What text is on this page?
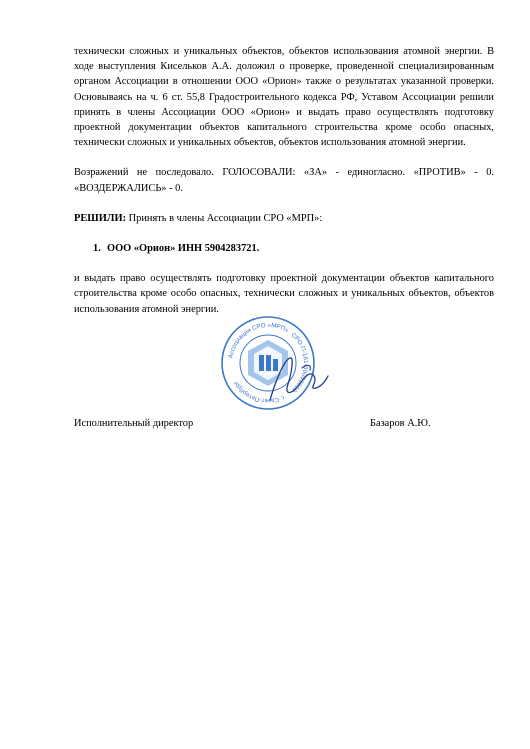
технически сложных и уникальных объектов, объектов использования атомной энергии. В ходе выступления Кисельков А.А. доложил о проверке, проведенной специализированным органом Ассоциации в отношении ООО «Орион» также о результатах указанной проверки. Основываясь на ч. 6 ст. 55,8 Градостроительного кодекса РФ, Уставом Ассоциации решили принять в члены Ассоциации ООО «Орион» и выдать право осуществлять подготовку проектной документации объектов капитального строительства кроме особо опасных, технически сложных и уникальных объектов, объектов использования атомной энергии.

Возражений не последовало. ГОЛОСОВАЛИ: «ЗА» - единогласно. «ПРОТИВ» - 0. «ВОЗДЕРЖАЛИСЬ» - 0.

РЕШИЛИ: Принять в члены Ассоциации СРО «МРП»:

1. ООО «Орион» ИНН 5904283721.

и выдать право осуществлять подготовку проектной документации объектов капитального строительства кроме особо опасных, технически сложных и уникальных объектов, объектов использования атомной энергии.

Ассоциация СРО «МРП»
СРО-П-161-09092010
г. Санкт-Петербург
Исполнительный директор	Базаров А.Ю.
